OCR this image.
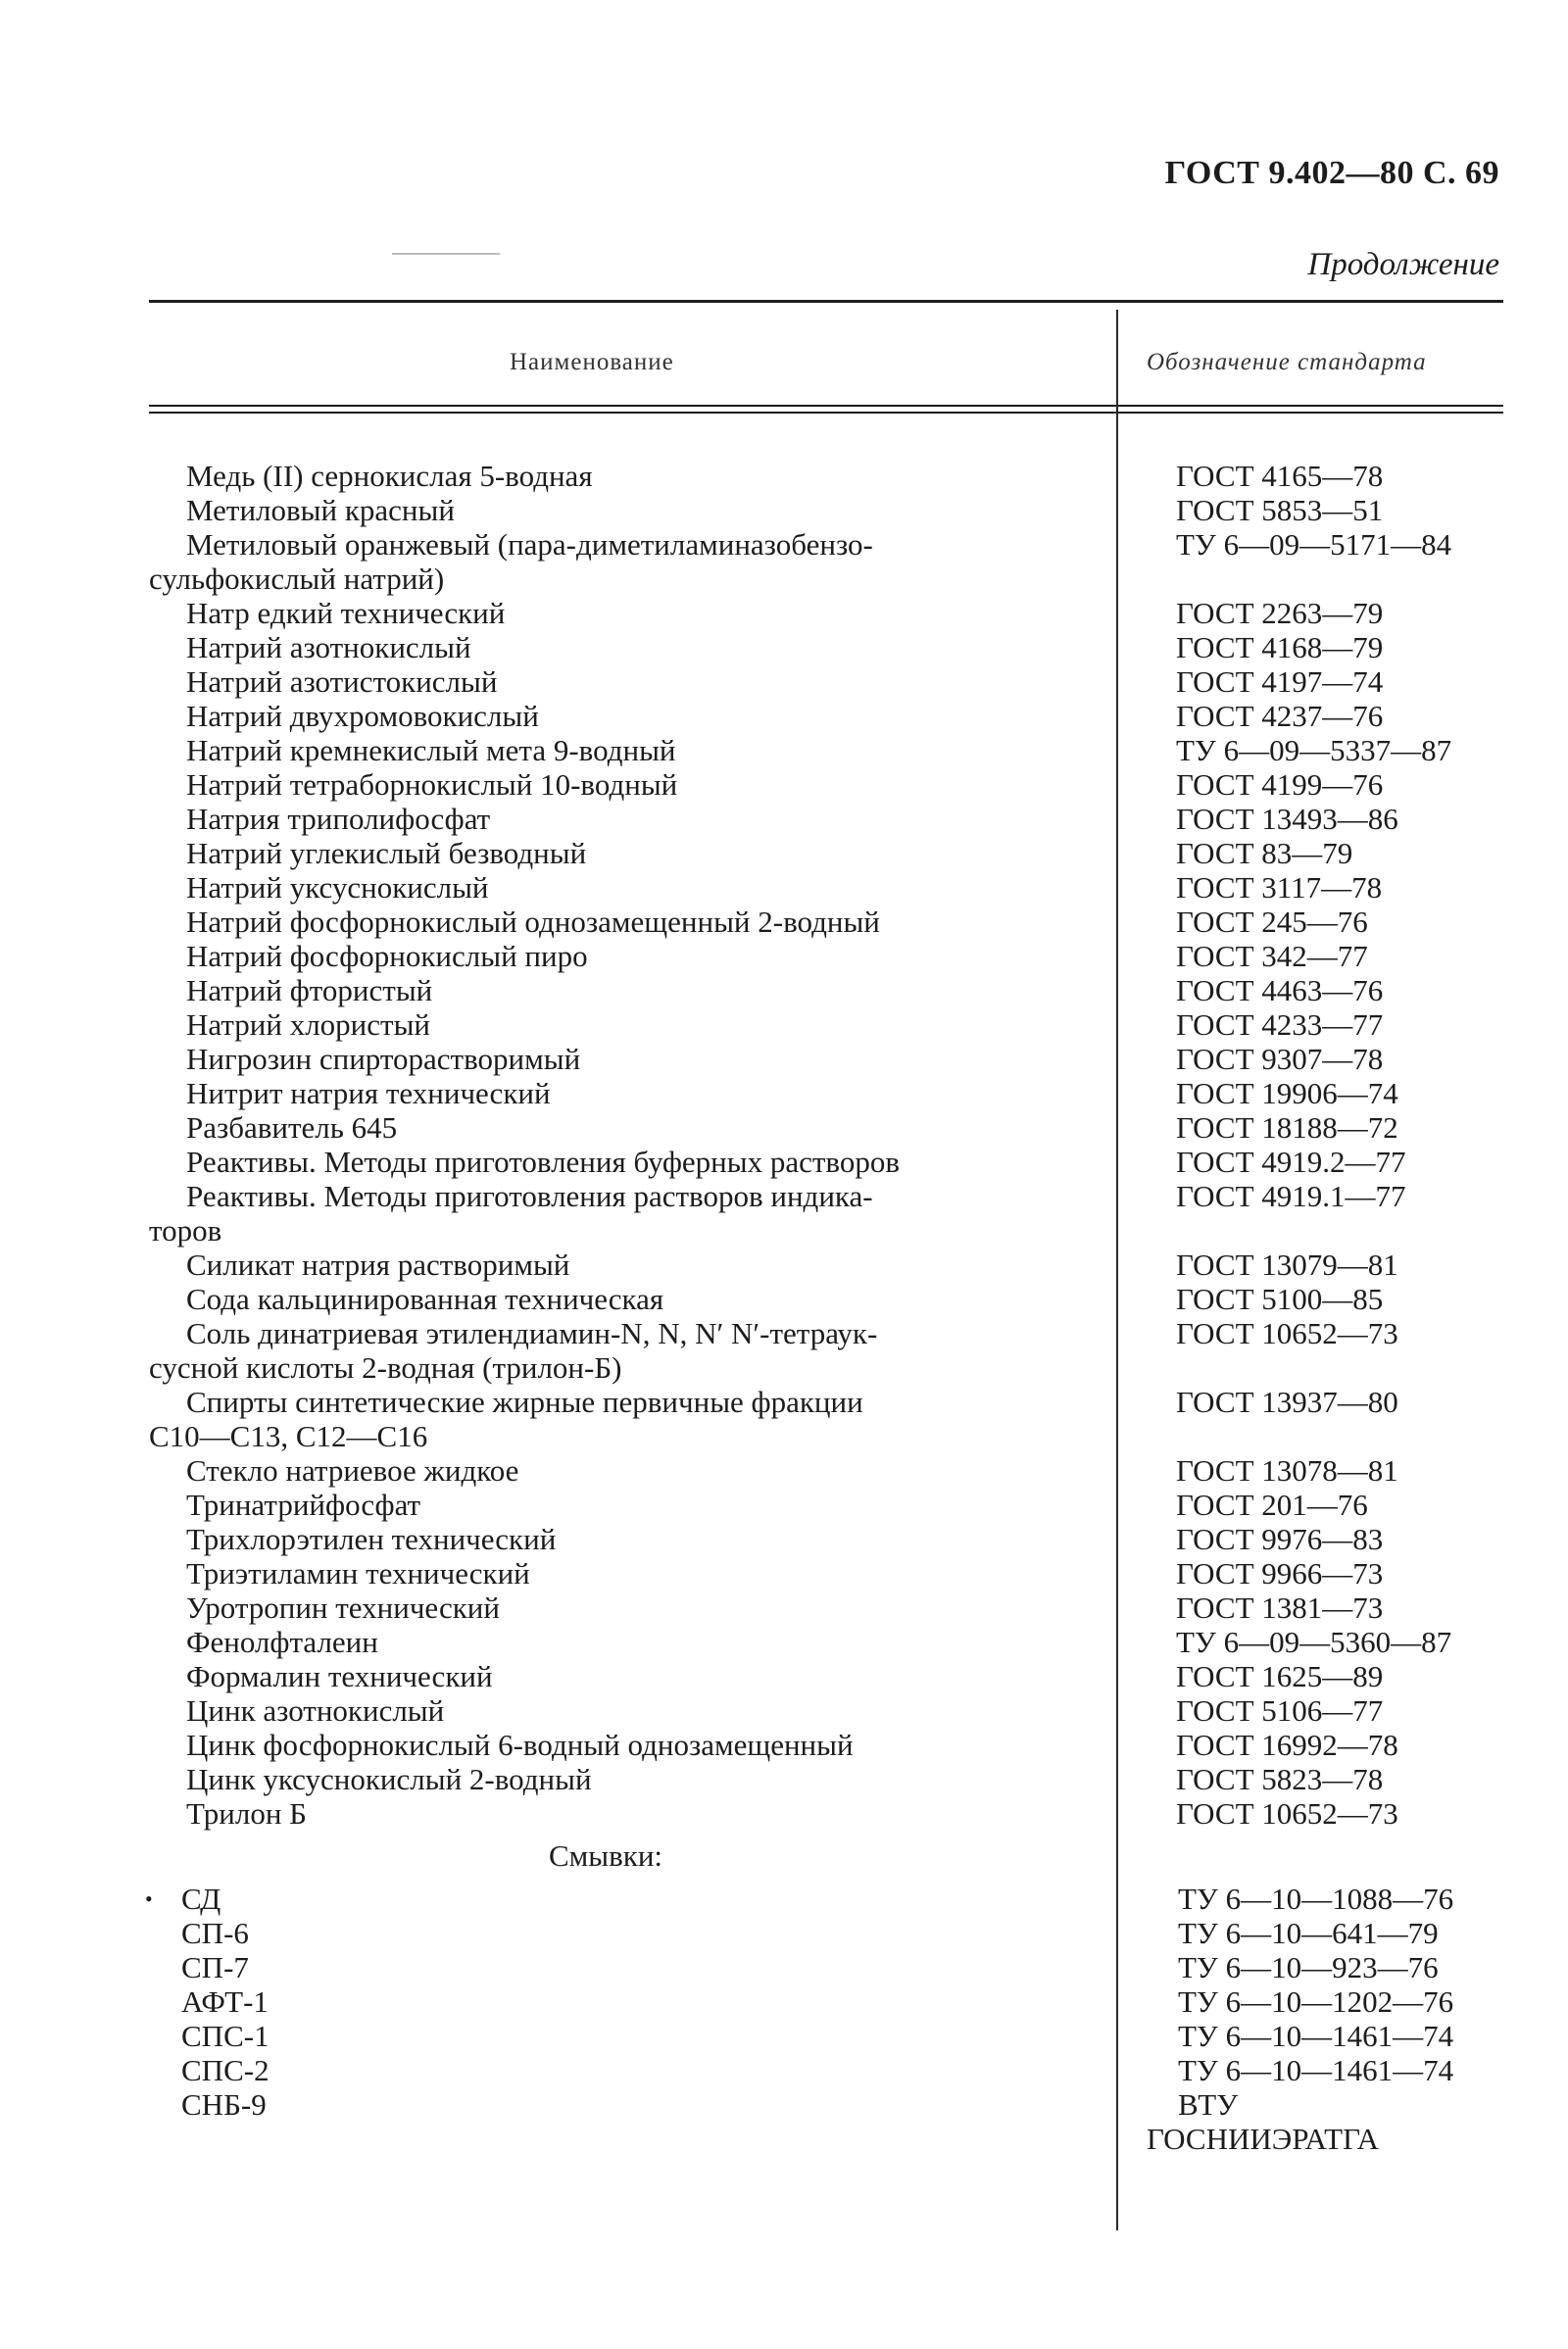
ГОСТ 9.402—80 С. 69
Продолжение
Наименование	Обозначение стандарта
Медь (II) сернокислая 5-водная	ГОСТ 4165—78
Метиловый красный	ГОСТ 5853—51
Метиловый оранжевый (пара-диметиламиназобензо-	ТУ 6—09—5171—84
сульфокислый натрий)
Натр едкий технический	ГОСТ 2263—79
Натрий азотнокислый	ГОСТ 4168—79
Натрий азотистокислый	ГОСТ 4197—74
Натрий двухромовокислый	ГОСТ 4237—76
Натрий кремнекислый мета 9-водный	ТУ 6—09—5337—87
Натрий тетраборнокислый 10-водный	ГОСТ 4199—76
Натрия триполифосфат	ГОСТ 13493—86
Натрий углекислый безводный	ГОСТ 83—79
Натрий уксуснокислый	ГОСТ 3117—78
Натрий фосфорнокислый однозамещенный 2-водный	ГОСТ 245—76
Натрий фосфорнокислый пиро	ГОСТ 342—77
Натрий фтористый	ГОСТ 4463—76
Натрий хлористый	ГОСТ 4233—77
Нигрозин спирторастворимый	ГОСТ 9307—78
Нитрит натрия технический	ГОСТ 19906—74
Разбавитель 645	ГОСТ 18188—72
Реактивы. Методы приготовления буферных растворов	ГОСТ 4919.2—77
Реактивы. Методы приготовления растворов индика-	ГОСТ 4919.1—77
торов
Силикат натрия растворимый	ГОСТ 13079—81
Сода кальцинированная техническая	ГОСТ 5100—85
Соль динатриевая этилендиамин-N, N, N′ N′-тетраук-	ГОСТ 10652—73
сусной кислоты 2-водная (трилон-Б)
Спирты синтетические жирные первичные фракции	ГОСТ 13937—80
С10—С13, С12—С16
Стекло натриевое жидкое	ГОСТ 13078—81
Тринатрийфосфат	ГОСТ 201—76
Трихлорэтилен технический	ГОСТ 9976—83
Триэтиламин технический	ГОСТ 9966—73
Уротропин технический	ГОСТ 1381—73
Фенолфталеин	ТУ 6—09—5360—87
Формалин технический	ГОСТ 1625—89
Цинк азотнокислый	ГОСТ 5106—77
Цинк фосфорнокислый 6-водный однозамещенный	ГОСТ 16992—78
Цинк уксуснокислый 2-водный	ГОСТ 5823—78
Трилон Б	ГОСТ 10652—73
Смывки:
• СД	ТУ 6—10—1088—76
СП-6	ТУ 6—10—641—79
СП-7	ТУ 6—10—923—76
АФТ-1	ТУ 6—10—1202—76
СПС-1	ТУ 6—10—1461—74
СПС-2	ТУ 6—10—1461—74
СНБ-9	ВТУ
ГОСНИИЭРАТГА
